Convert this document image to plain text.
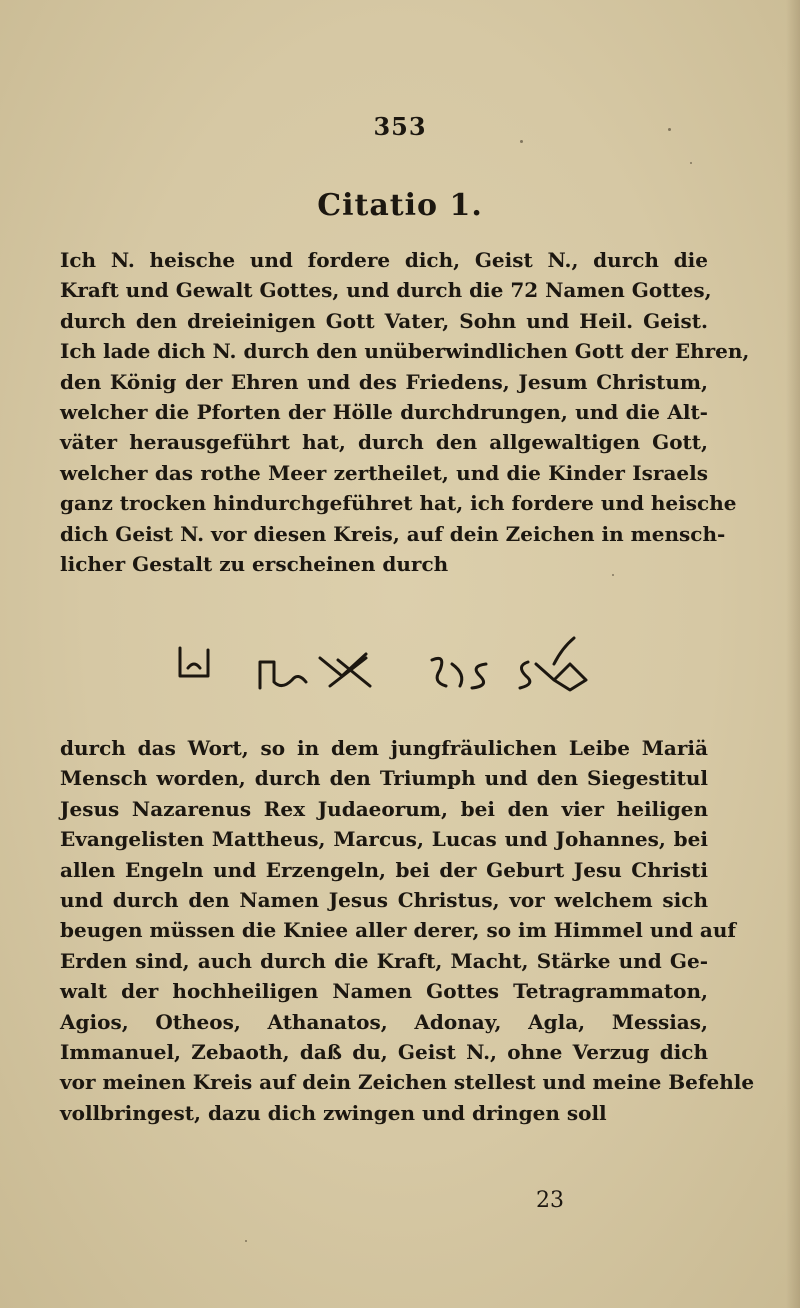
353
Citatio 1.
Ich N. heische und fordere dich, Geist N., durch die
Kraft und Gewalt Gottes, und durch die 72 Namen Gottes,
durch den dreieinigen Gott Vater, Sohn und Heil. Geist.
Ich lade dich N. durch den unüberwindlichen Gott der Ehren,
den König der Ehren und des Friedens, Jesum Christum,
welcher die Pforten der Hölle durchdrungen, und die Alt-
väter herausgeführt hat, durch den allgewaltigen Gott,
welcher das rothe Meer zertheilet, und die Kinder Israels
ganz trocken hindurchgeführet hat, ich fordere und heische
dich Geist N. vor diesen Kreis, auf dein Zeichen in mensch-
licher Gestalt zu erscheinen durch
durch das Wort, so in dem jungfräulichen Leibe Mariä
Mensch worden, durch den Triumph und den Siegestitul
Jesus Nazarenus Rex Judaeorum, bei den vier heiligen
Evangelisten Mattheus, Marcus, Lucas und Johannes, bei
allen Engeln und Erzengeln, bei der Geburt Jesu Christi
und durch den Namen Jesus Christus, vor welchem sich
beugen müssen die Kniee aller derer, so im Himmel und auf
Erden sind, auch durch die Kraft, Macht, Stärke und Ge-
walt der hochheiligen Namen Gottes Tetragrammaton,
Agios, Otheos, Athanatos, Adonay, Agla, Messias,
Immanuel, Zebaoth, daß du, Geist N., ohne Verzug dich
vor meinen Kreis auf dein Zeichen stellest und meine Befehle
vollbringest, dazu dich zwingen und dringen soll
23
